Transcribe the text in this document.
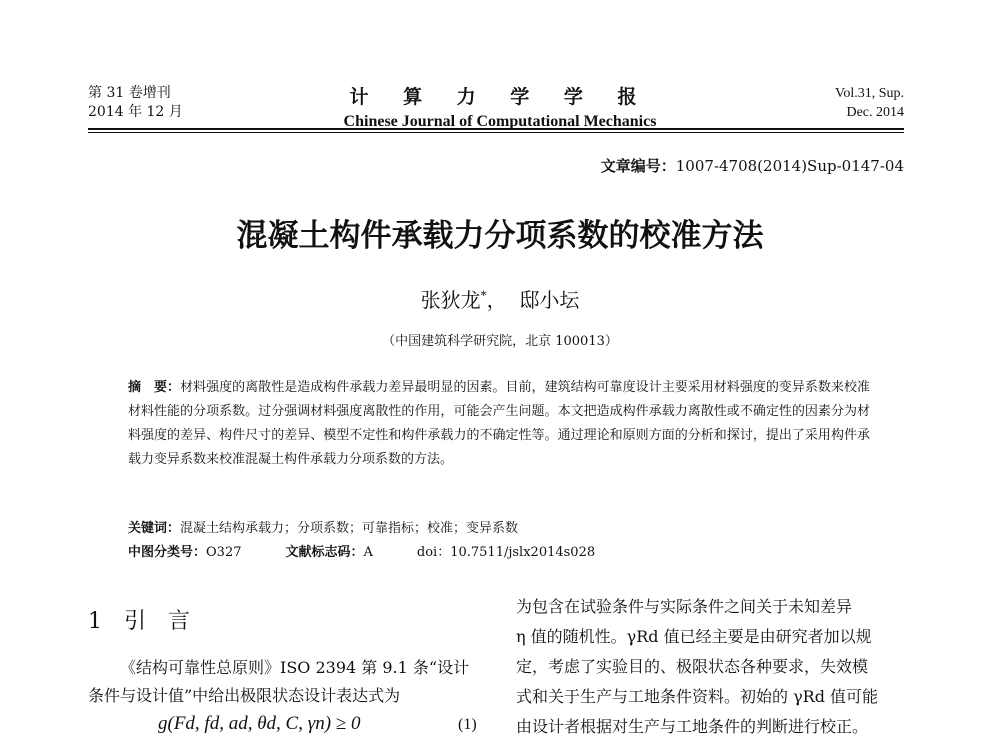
第 31 卷增刊
2014 年 12 月
计 算 力 学 学 报
Chinese Journal of Computational Mechanics
Vol.31, Sup.
Dec. 2014
文章编号：1007-4708(2014)Sup-0147-04
混凝土构件承载力分项系数的校准方法
张狄龙*， 邸小坛
（中国建筑科学研究院，北京 100013）
摘　要：材料强度的离散性是造成构件承载力差异最明显的因素。目前，建筑结构可靠度设计主要采用材料强度的变异系数来校准材料性能的分项系数。过分强调材料强度离散性的作用，可能会产生问题。本文把造成构件承载力离散性或不确定性的因素分为材料强度的差异、构件尺寸的差异、模型不定性和构件承载力的不确定性等。通过理论和原则方面的分析和探讨，提出了采用构件承载力变异系数来校准混凝土构件承载力分项系数的方法。
关键词：混凝土结构承载力；分项系数；可靠指标；校准；变异系数
中图分类号：O327	文献标志码：A	doi：10.7511/jslx2014s028
1 引　言
《结构可靠性总原则》ISO 2394 第 9.1 条“设计
条件与设计值”中给出极限状态设计表达式为
g(Fd, fd, ad, θd, C, γn) ≥ 0	(1)
为包含在试验条件与实际条件之间关于未知差异
η 值的随机性。γRd 值已经主要是由研究者加以规
定，考虑了实验目的、极限状态各种要求，失效模
式和关于生产与工地条件资料。初始的 γRd 值可能
由设计者根据对生产与工地条件的判断进行校正。
